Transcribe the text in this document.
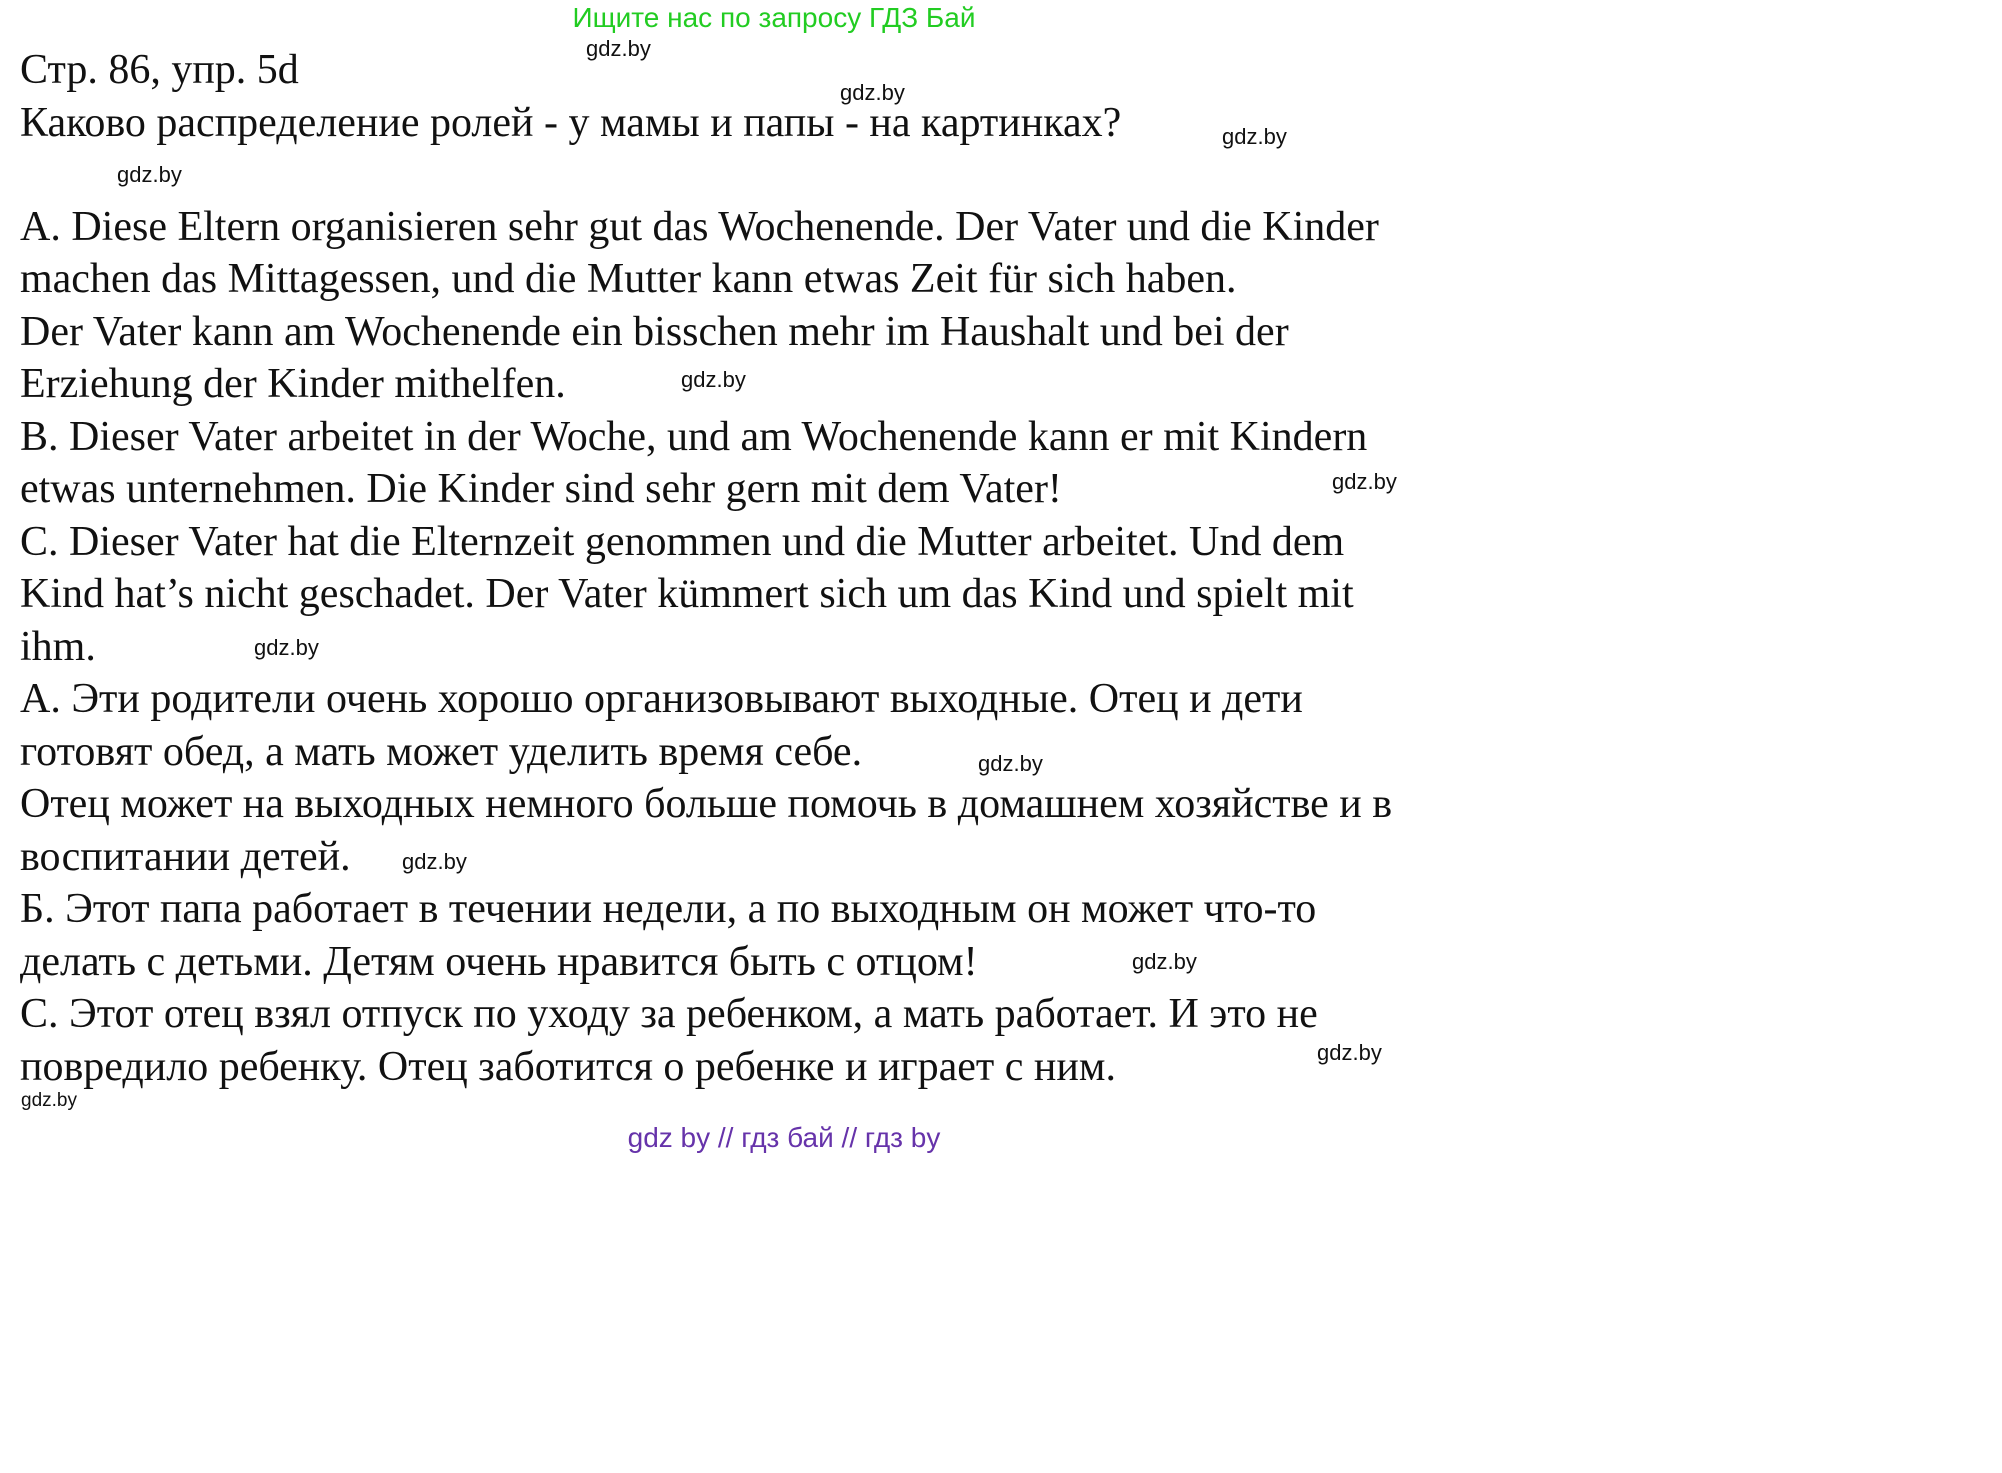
Ищите нас по запросу ГДЗ Бай
Стр. 86, упр. 5d
Каково распределение ролей - у мамы и папы - на картинках?
A. Diese Eltern organisieren sehr gut das Wochenende. Der Vater und die Kinder
machen das Mittagessen, und die Mutter kann etwas Zeit für sich haben.
Der Vater kann am Wochenende ein bisschen mehr im Haushalt und bei der
Erziehung der Kinder mithelfen.
B. Dieser Vater arbeitet in der Woche, und am Wochenende kann er mit Kindern
etwas unternehmen. Die Kinder sind sehr gern mit dem Vater!
C. Dieser Vater hat die Elternzeit genommen und die Mutter arbeitet. Und dem
Kind hat’s nicht geschadet. Der Vater kümmert sich um das Kind und spielt mit
ihm.
А. Эти родители очень хорошо организовывают выходные. Отец и дети
готовят обед, а мать может уделить время себе.
Отец может на выходных немного больше помочь в домашнем хозяйстве и в
воспитании детей.
Б. Этот папа работает в течении недели, а по выходным он может что-то
делать с детьми. Детям очень нравится быть с отцом!
С. Этот отец взял отпуск по уходу за ребенком, а мать работает. И это не
повредило ребенку. Отец заботится о ребенке и играет с ним.
gdz.by
gdz.by
gdz.by
gdz.by
gdz.by
gdz.by
gdz.by
gdz.by
gdz.by
gdz.by
gdz.by
gdz.by
gdz by // гдз бай // гдз by
